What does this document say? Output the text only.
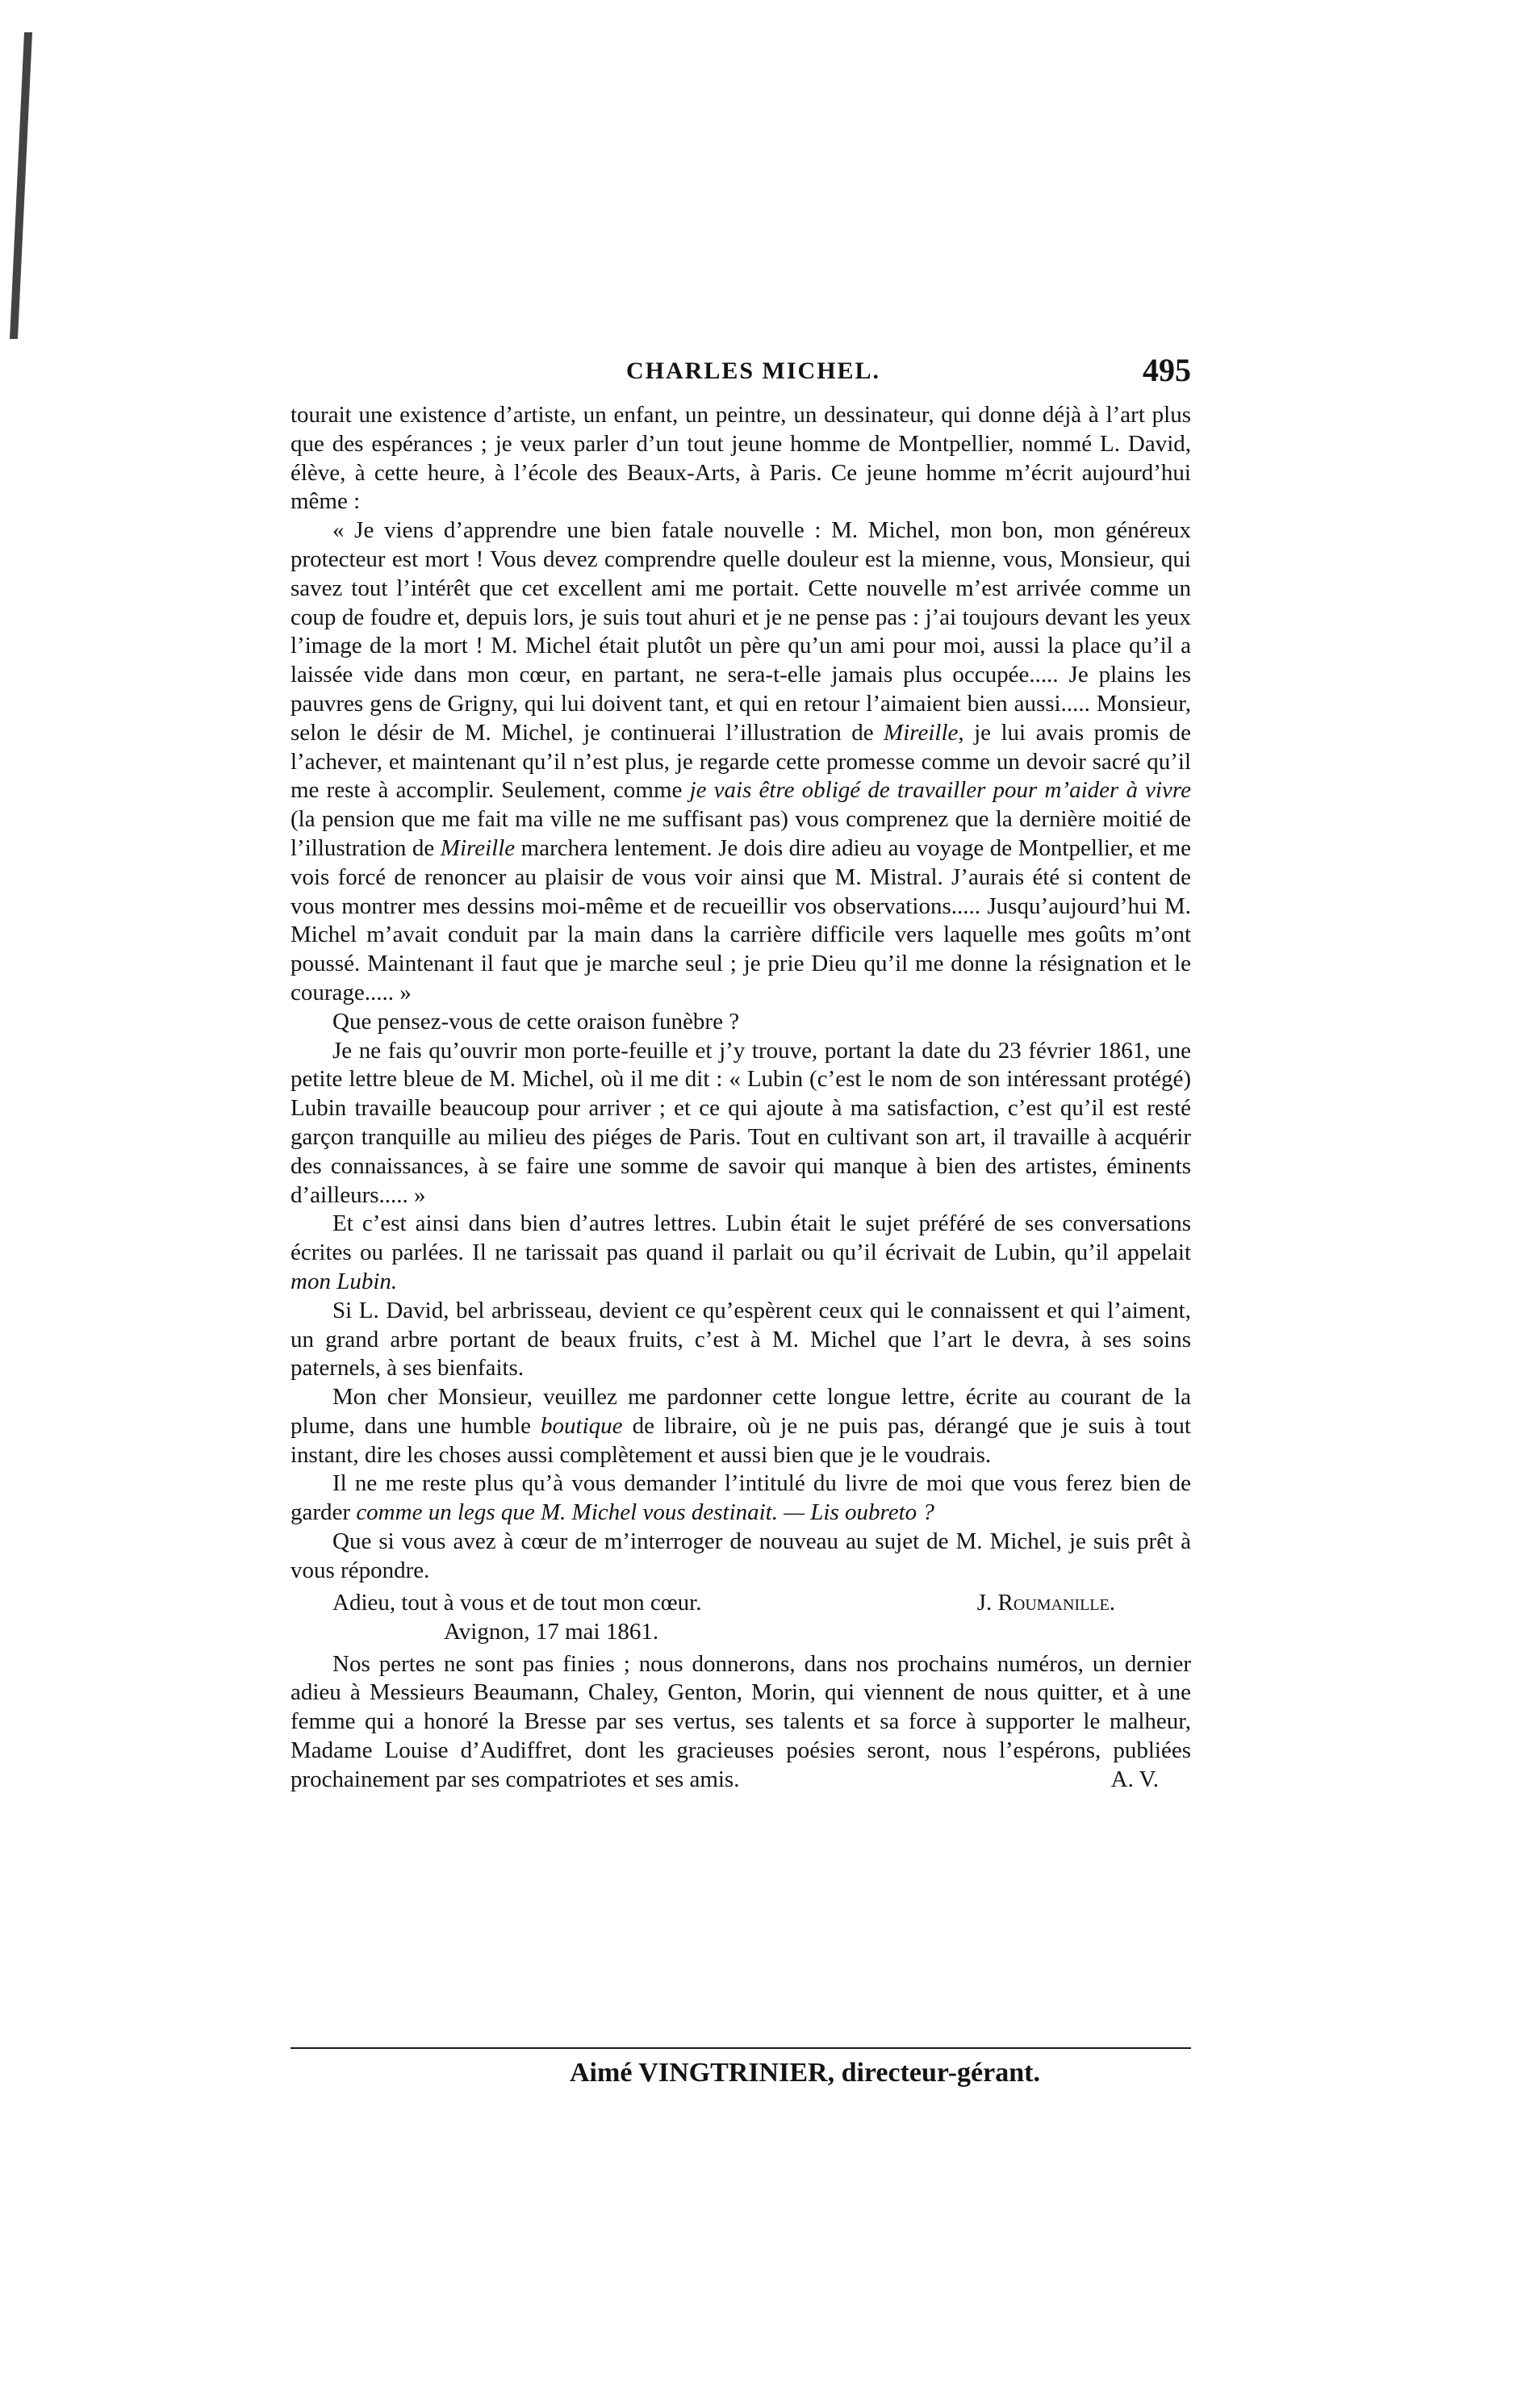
CHARLES MICHEL.	495

tourait une existence d’artiste, un enfant, un peintre, un dessinateur, qui donne déjà à l’art plus que des espérances ; je veux parler d’un tout jeune homme de Montpellier, nommé L. David, élève, à cette heure, à l’école des Beaux-Arts, à Paris. Ce jeune homme m’écrit aujourd’hui même :

« Je viens d’apprendre une bien fatale nouvelle : M. Michel, mon bon, mon généreux protecteur est mort ! Vous devez comprendre quelle douleur est la mienne, vous, Monsieur, qui savez tout l’intérêt que cet excellent ami me portait. Cette nouvelle m’est arrivée comme un coup de foudre et, depuis lors, je suis tout ahuri et je ne pense pas : j’ai toujours devant les yeux l’image de la mort ! M. Michel était plutôt un père qu’un ami pour moi, aussi la place qu’il a laissée vide dans mon cœur, en partant, ne sera-t-elle jamais plus occupée..... Je plains les pauvres gens de Grigny, qui lui doivent tant, et qui en retour l’aimaient bien aussi..... Monsieur, selon le désir de M. Michel, je continuerai l’illustration de Mireille, je lui avais promis de l’achever, et maintenant qu’il n’est plus, je regarde cette promesse comme un devoir sacré qu’il me reste à accomplir. Seulement, comme je vais être obligé de travailler pour m’aider à vivre (la pension que me fait ma ville ne me suffisant pas) vous comprenez que la dernière moitié de l’illustration de Mireille marchera lentement. Je dois dire adieu au voyage de Montpellier, et me vois forcé de renoncer au plaisir de vous voir ainsi que M. Mistral. J’aurais été si content de vous montrer mes dessins moi-même et de recueillir vos observations..... Jusqu’aujourd’hui M. Michel m’avait conduit par la main dans la carrière difficile vers laquelle mes goûts m’ont poussé. Maintenant il faut que je marche seul ; je prie Dieu qu’il me donne la résignation et le courage..... »

Que pensez-vous de cette oraison funèbre ?

Je ne fais qu’ouvrir mon porte-feuille et j’y trouve, portant la date du 23 février 1861, une petite lettre bleue de M. Michel, où il me dit : « Lubin (c’est le nom de son intéressant protégé) Lubin travaille beaucoup pour arriver ; et ce qui ajoute à ma satisfaction, c’est qu’il est resté garçon tranquille au milieu des piéges de Paris. Tout en cultivant son art, il travaille à acquérir des connaissances, à se faire une somme de savoir qui manque à bien des artistes, éminents d’ailleurs..... »

Et c’est ainsi dans bien d’autres lettres. Lubin était le sujet préféré de ses conversations écrites ou parlées. Il ne tarissait pas quand il parlait ou qu’il écrivait de Lubin, qu’il appelait mon Lubin.

Si L. David, bel arbrisseau, devient ce qu’espèrent ceux qui le connaissent et qui l’aiment, un grand arbre portant de beaux fruits, c’est à M. Michel que l’art le devra, à ses soins paternels, à ses bienfaits.

Mon cher Monsieur, veuillez me pardonner cette longue lettre, écrite au courant de la plume, dans une humble boutique de libraire, où je ne puis pas, dérangé que je suis à tout instant, dire les choses aussi complètement et aussi bien que je le voudrais.

Il ne me reste plus qu’à vous demander l’intitulé du livre de moi que vous ferez bien de garder comme un legs que M. Michel vous destinait. — Lis oubreto ?

Que si vous avez à cœur de m’interroger de nouveau au sujet de M. Michel, je suis prêt à vous répondre.

Adieu, tout à vous et de tout mon cœur.	J. Roumanille.
Avignon, 17 mai 1861.

Nos pertes ne sont pas finies ; nous donnerons, dans nos prochains numéros, un dernier adieu à Messieurs Beaumann, Chaley, Genton, Morin, qui viennent de nous quitter, et à une femme qui a honoré la Bresse par ses vertus, ses talents et sa force à supporter le malheur, Madame Louise d’Audiffret, dont les gracieuses poésies seront, nous l’espérons, publiées prochainement par ses compatriotes et ses amis.	A. V.

Aimé VINGTRINIER, directeur-gérant.
